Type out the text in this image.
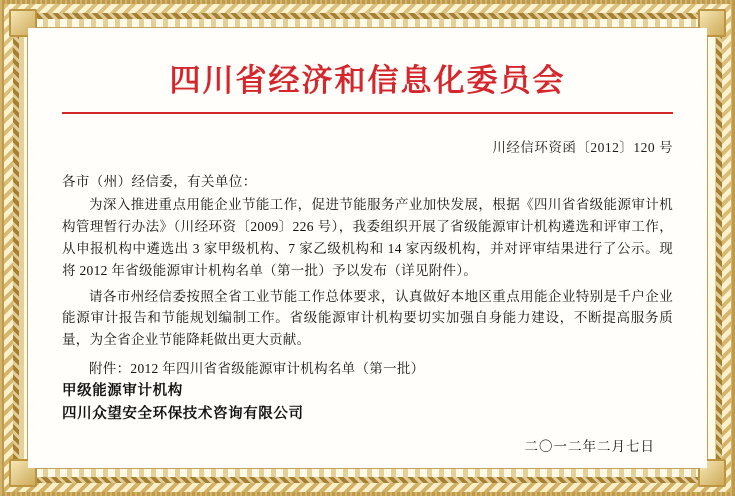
四川省经济和信息化委员会
川经信环资函〔2012〕120 号
各市（州）经信委，有关单位：
为深入推进重点用能企业节能工作，促进节能服务产业加快发展，根据《四川省省级能源审计机构管理暂行办法》（川经环资〔2009〕226 号），我委组织开展了省级能源审计机构遴选和评审工作，从申报机构中遴选出 3 家甲级机构、7 家乙级机构和 14 家丙级机构，并对评审结果进行了公示。现将 2012 年省级能源审计机构名单（第一批）予以发布（详见附件）。
请各市州经信委按照全省工业节能工作总体要求，认真做好本地区重点用能企业特别是千户企业能源审计报告和节能规划编制工作。省级能源审计机构要切实加强自身能力建设，不断提高服务质量，为全省企业节能降耗做出更大贡献。
附件：2012 年四川省省级能源审计机构名单（第一批）
甲级能源审计机构
四川众望安全环保技术咨询有限公司
二〇一二年二月七日
